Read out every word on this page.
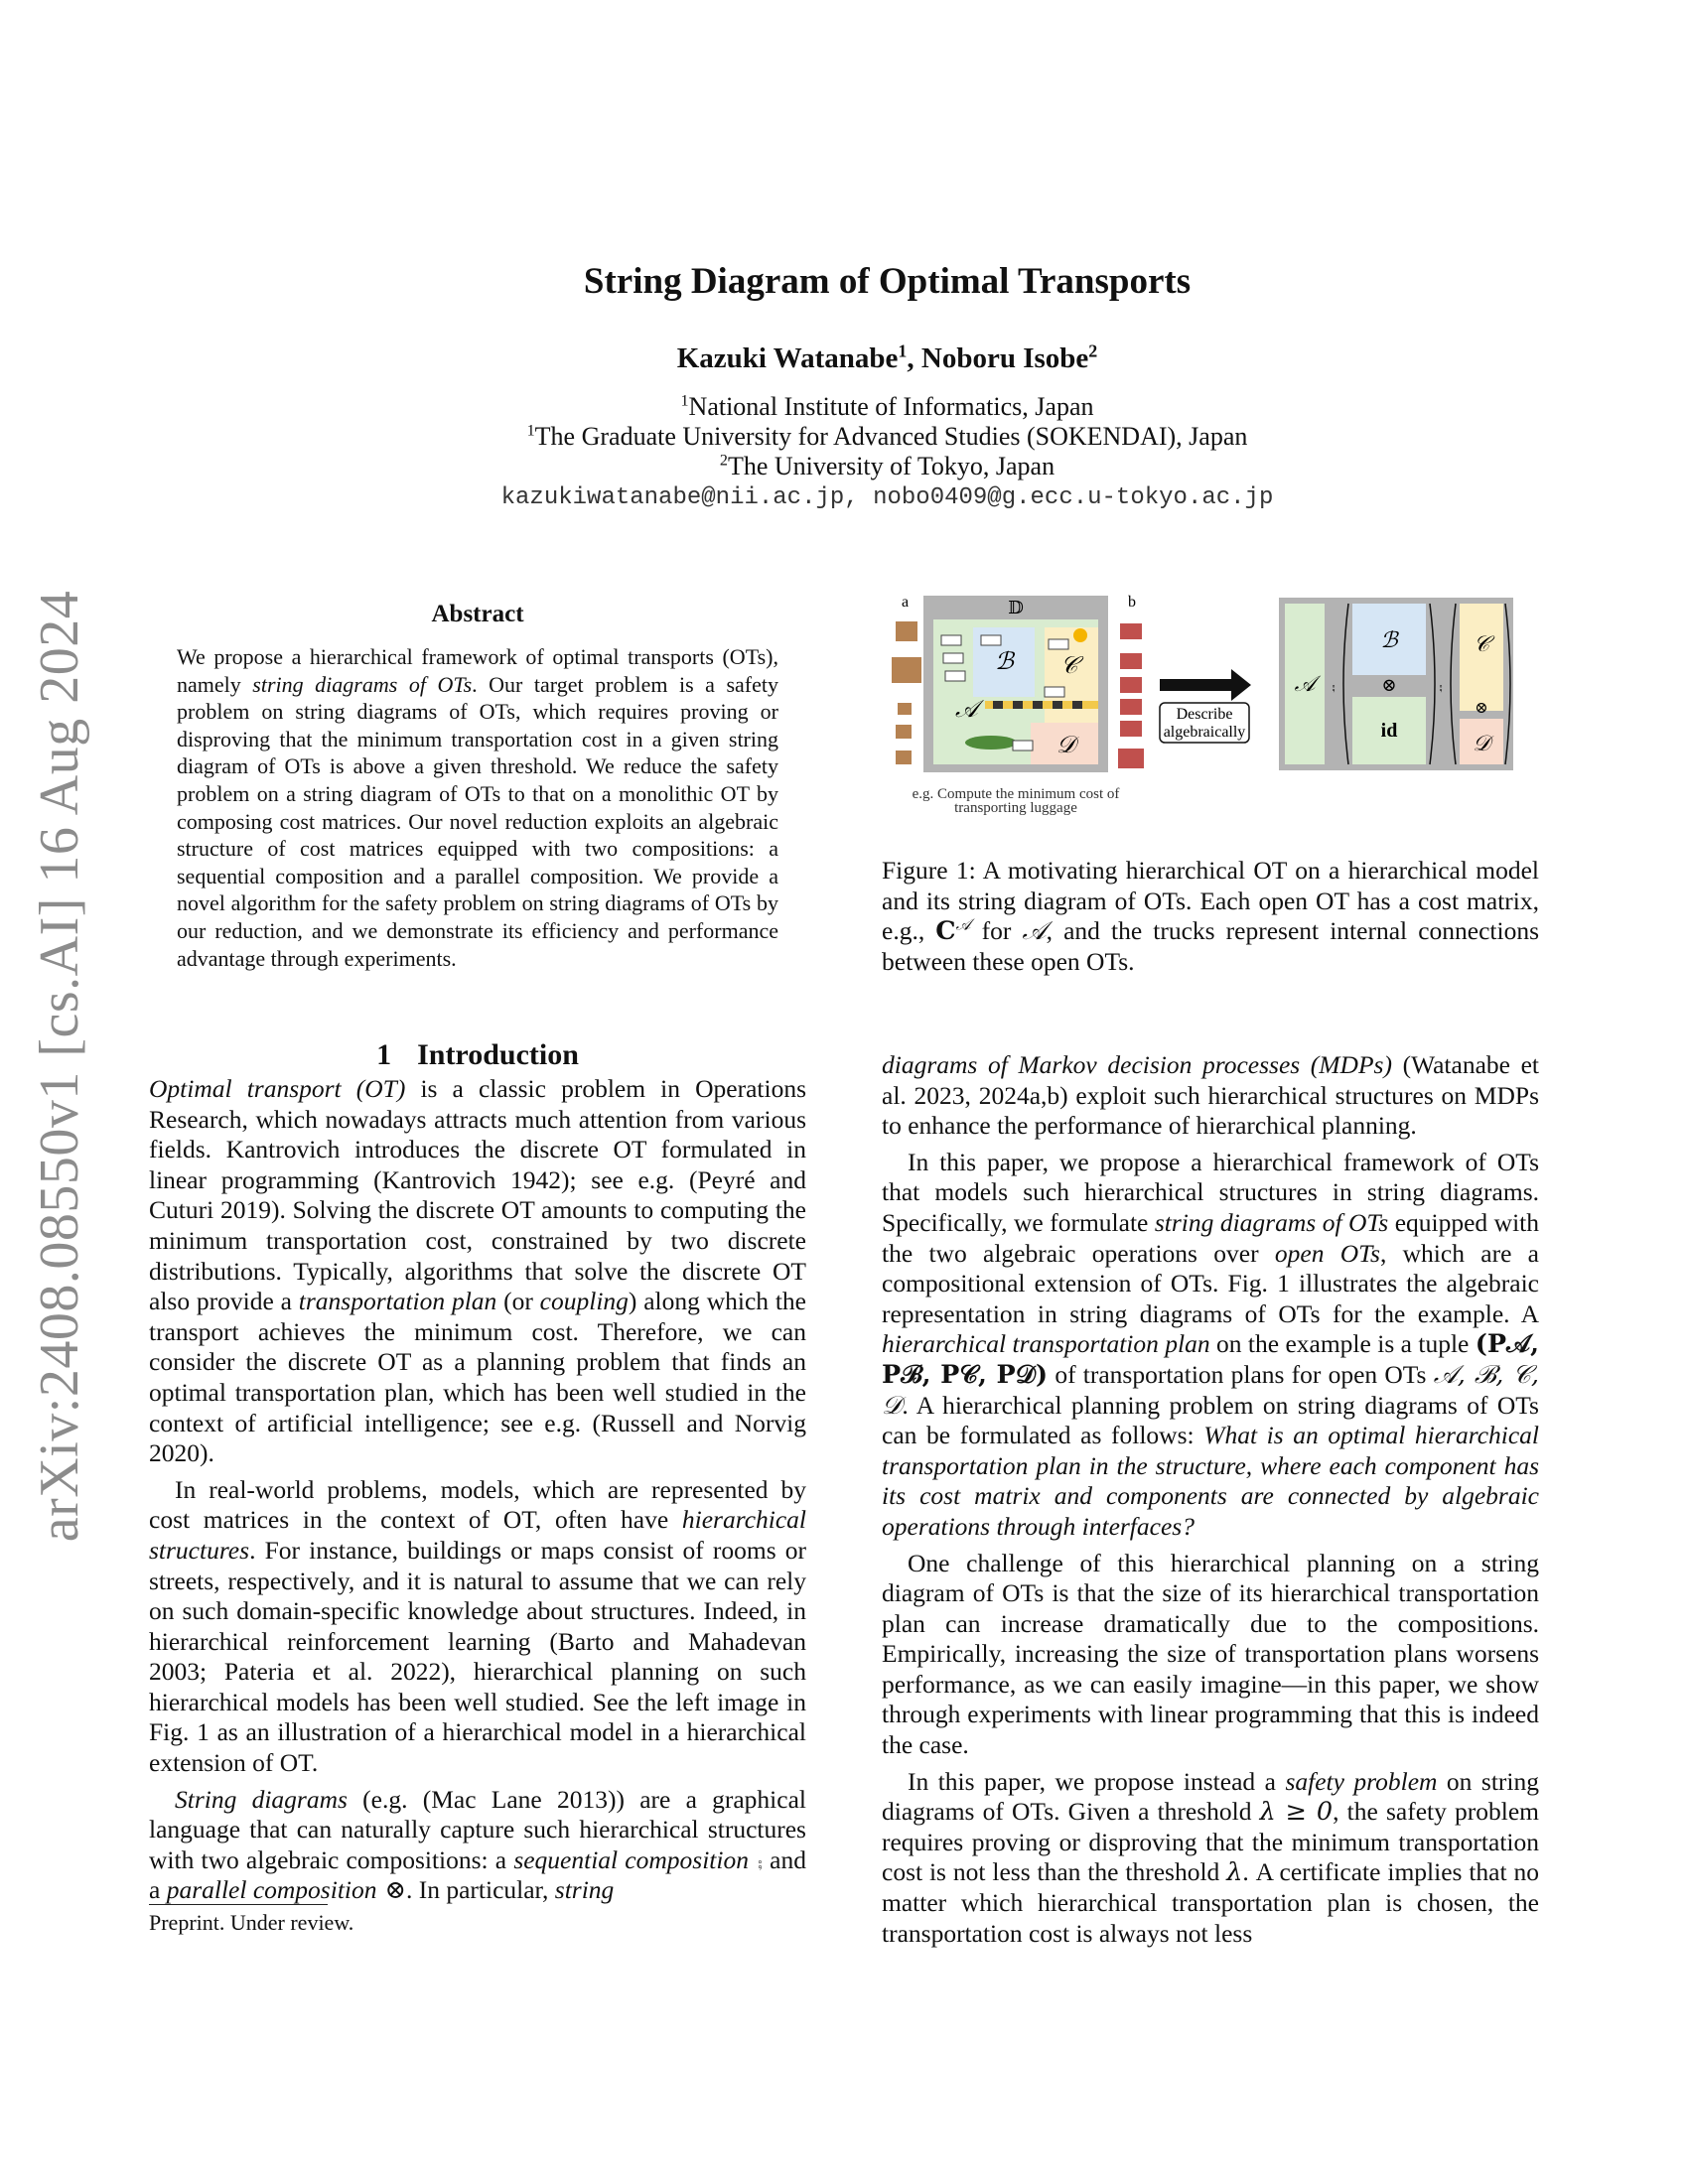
arXiv:2408.08550v1 [cs.AI] 16 Aug 2024
String Diagram of Optimal Transports
Kazuki Watanabe$^1$, Noboru Isobe$^2$
$^1$National Institute of Informatics, Japan
$^1$The Graduate University for Advanced Studies (SOKENDAI), Japan
$^2$The University of Tokyo, Japan
kazukiwatanabe@nii.ac.jp, nobo0409@g.ecc.u-tokyo.ac.jp
Abstract
We propose a hierarchical framework of optimal transports (OTs), namely string diagrams of OTs. Our target problem is a safety problem on string diagrams of OTs, which requires proving or disproving that the minimum transportation cost in a given string diagram of OTs is above a given threshold. We reduce the safety problem on a string diagram of OTs to that on a monolithic OT by composing cost matrices. Our novel reduction exploits an algebraic structure of cost matrices equipped with two compositions: a sequential composition and a parallel composition. We provide a novel algorithm for the safety problem on string diagrams of OTs by our reduction, and we demonstrate its efficiency and performance advantage through experiments.
1 Introduction

Optimal transport (OT) is a classic problem in Operations Research, which nowadays attracts much attention from various fields. Kantrovich introduces the discrete OT formulated in linear programming (Kantrovich 1942); see e.g. (Peyré and Cuturi 2019). Solving the discrete OT amounts to computing the minimum transportation cost, constrained by two discrete distributions. Typically, algorithms that solve the discrete OT also provide a transportation plan (or coupling) along which the transport achieves the minimum cost. Therefore, we can consider the discrete OT as a planning problem that finds an optimal transportation plan, which has been well studied in the context of artificial intelligence; see e.g. (Russell and Norvig 2020).

In real-world problems, models, which are represented by cost matrices in the context of OT, often have hierarchical structures. For instance, buildings or maps consist of rooms or streets, respectively, and it is natural to assume that we can rely on such domain-specific knowledge about structures. Indeed, in hierarchical reinforcement learning (Barto and Mahadevan 2003; Pateria et al. 2022), hierarchical planning on such hierarchical models has been well studied. See the left image in Fig. 1 as an illustration of a hierarchical model in a hierarchical extension of OT.

String diagrams (e.g. (Mac Lane 2013)) are a graphical language that can naturally capture such hierarchical structures with two algebraic compositions: a sequential composition ⨾ and a parallel composition ⊗. In particular, string

Preprint. Under review.
a	b
𝔻
𝒜
ℬ 𝒞
𝒟
e.g. Compute the minimum cost of
transporting luggage
Describe
algebraically
𝒜 ⨾
ℬ
⊗
id
⨾
𝒞
⊗
𝒟
Figure 1: A motivating hierarchical OT on a hierarchical model and its string diagram of OTs. Each open OT has a cost matrix, e.g., $C^𝒜$ for 𝒜, and the trucks represent internal connections between these open OTs.

diagrams of Markov decision processes (MDPs) (Watanabe et al. 2023, 2024a,b) exploit such hierarchical structures on MDPs to enhance the performance of hierarchical planning.

In this paper, we propose a hierarchical framework of OTs that models such hierarchical structures in string diagrams. Specifically, we formulate string diagrams of OTs equipped with the two algebraic operations over open OTs, which are a compositional extension of OTs. Fig. 1 illustrates the algebraic representation in string diagrams of OTs for the example. A hierarchical transportation plan on the example is a tuple (P𝒜, Pℬ, P𝒞, P𝒟) of transportation plans for open OTs 𝒜, ℬ, 𝒞, 𝒟. A hierarchical planning problem on string diagrams of OTs can be formulated as follows: What is an optimal hierarchical transportation plan in the structure, where each component has its cost matrix and components are connected by algebraic operations through interfaces?

One challenge of this hierarchical planning on a string diagram of OTs is that the size of its hierarchical transportation plan can increase dramatically due to the compositions. Empirically, increasing the size of transportation plans worsens performance, as we can easily imagine—in this paper, we show through experiments with linear programming that this is indeed the case.

In this paper, we propose instead a safety problem on string diagrams of OTs. Given a threshold λ ≥ 0, the safety problem requires proving or disproving that the minimum transportation cost is not less than the threshold λ. A certificate implies that no matter which hierarchical transportation plan is chosen, the transportation cost is always not less
